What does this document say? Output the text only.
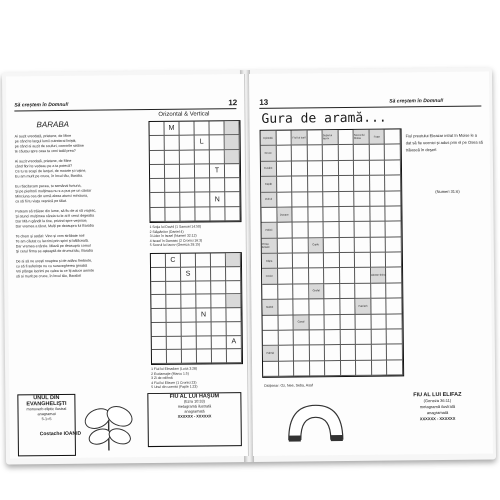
Să creştem în Domnul!	12
BARABA
Ai auzit vreodată, prietene, de Mine
pe când te largul lumii cutreierai liniştit,
pe când ai auzit de scufuri, comorile străine
te căutau spre casa ta veni tatăl prea?

Ai auzit vreodată, prietene, de Mine
când flori te vedeau pe a ta potecă?
Ce tu te scapi de lanţuri, de moarte şi ruşine,
Eu am murit pe cruce, în locul tău, Baraba.

Eu răscăscam pacea, tu semănai furtuna,
Şi pe pieritorii mulţimea nu s-a pus pe un cântar
Minciuna cea din urmă aleea atunci minciuna,
ca să fii tu viaţa veşnică pe tăiat.

Puteam să trăiesc din lume, să fiu de ai să vrajesc,
Şi atunci mulţimea căreia tu le-ai fi cerut degeaba
Dar Mă-n gândit la tine, privind spre veşnicie,
Dar vremea a tăcut, Mulţi pe deasupra lui Baraba

Te chem şi astăzi: Vino şi vom străbate noi!
Te am căutat cu lacrimi prin spini şi bălăceală.
Dar vremea e târzie. Miază pe deasupra cornul
Şi cerul firma se aşteaptă de drumul tău, Baraba

De ai să ne ureşti noaptea şi de adânc fierbinte,
cu să fi suferinţe nu cu suravegherea groabă
Voi plânge lacrimi pe calea ta ce îţi aduce aminte
să ai murit pe cruce, în locul tău, Baraba!
Costache IOANID
Orizontal & Vertical
M
L
T
N
1 Soţia lui David (1 Samuel 14:50)
2 Stăpânitor (Daniel 4)
3 Lider în Israel (Numeri 32:12)
4 Israel în Damasc (2 Cronici 16:3)
5 Socrul lui Iacov (Geneza 29:15)
C
S
N
A
1 Fiul lui Elmadam (Luca 3:28)
2 Exclamaţie (Marcu 1:5)
3 Zi de odihnă
4 Fiul lui Eliezer (1 Cronici 23)
5 Unul din ucenici (Fapte 1:23)
UNUL DIN EVANGHELIŞTI
monoverb eliptic ilustrat
anagramat
5-1=5
FIU AL LUI HAŞUM
(Ezra 10:33)
metagramă ilustrată
anagramată
XXXXXX - XXXXXX
13	Să creştem în Domnul!
Gura de aramă...
Epistolă	Fiul lui Iosif
Soţia lui Iacov
Socrul lui Moise
Frate
Cruce
Cuvânt
Capăt
Duhul
Dunare
Pelinii
Prima femeie
Cuplu
Căpa
Fecior	Alexan-drina
Grafal
Mabel	Patriarh
Canal
Palmă
Fiul preotului Eleazar intrat în Moise le a dat să fie ucenici şi adus prin el pe Osea să trăiască în deşert
(Numeri 31:6)
Dicţionar: Oz, Nee, Seba, Asaf
FIU AL LUI ELIFAZ
(Geneza 36:11)
metagramă ilustrată
anagramată
XXXXXX - XXXXXX
